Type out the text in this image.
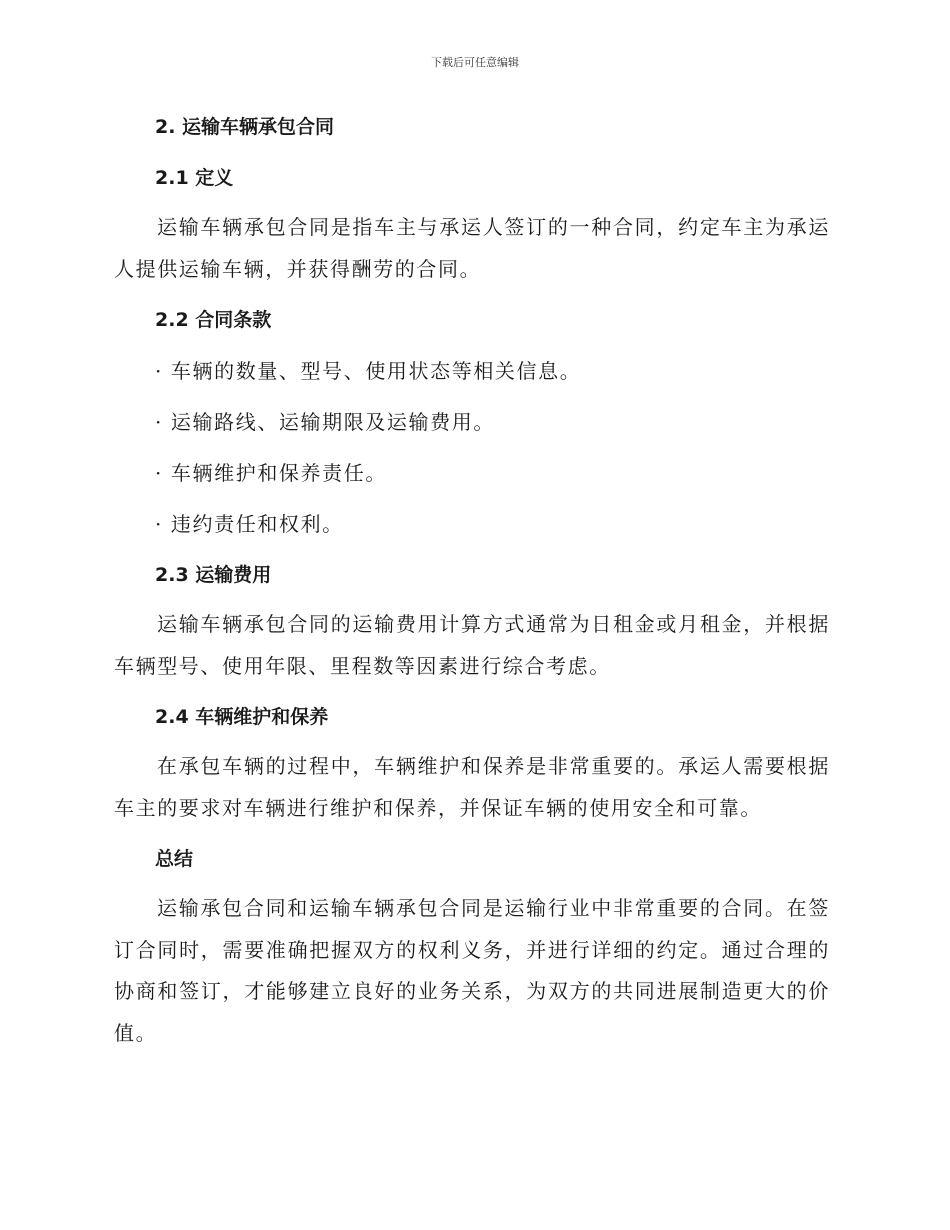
下载后可任意编辑

2. 运输车辆承包合同

2.1 定义

运输车辆承包合同是指车主与承运人签订的一种合同，约定车主为承运人提供运输车辆，并获得酬劳的合同。

2.2 合同条款

· 车辆的数量、型号、使用状态等相关信息。

· 运输路线、运输期限及运输费用。

· 车辆维护和保养责任。

· 违约责任和权利。

2.3 运输费用

运输车辆承包合同的运输费用计算方式通常为日租金或月租金，并根据车辆型号、使用年限、里程数等因素进行综合考虑。

2.4 车辆维护和保养

在承包车辆的过程中，车辆维护和保养是非常重要的。承运人需要根据车主的要求对车辆进行维护和保养，并保证车辆的使用安全和可靠。

总结

运输承包合同和运输车辆承包合同是运输行业中非常重要的合同。在签订合同时，需要准确把握双方的权利义务，并进行详细的约定。通过合理的协商和签订，才能够建立良好的业务关系，为双方的共同进展制造更大的价值。
